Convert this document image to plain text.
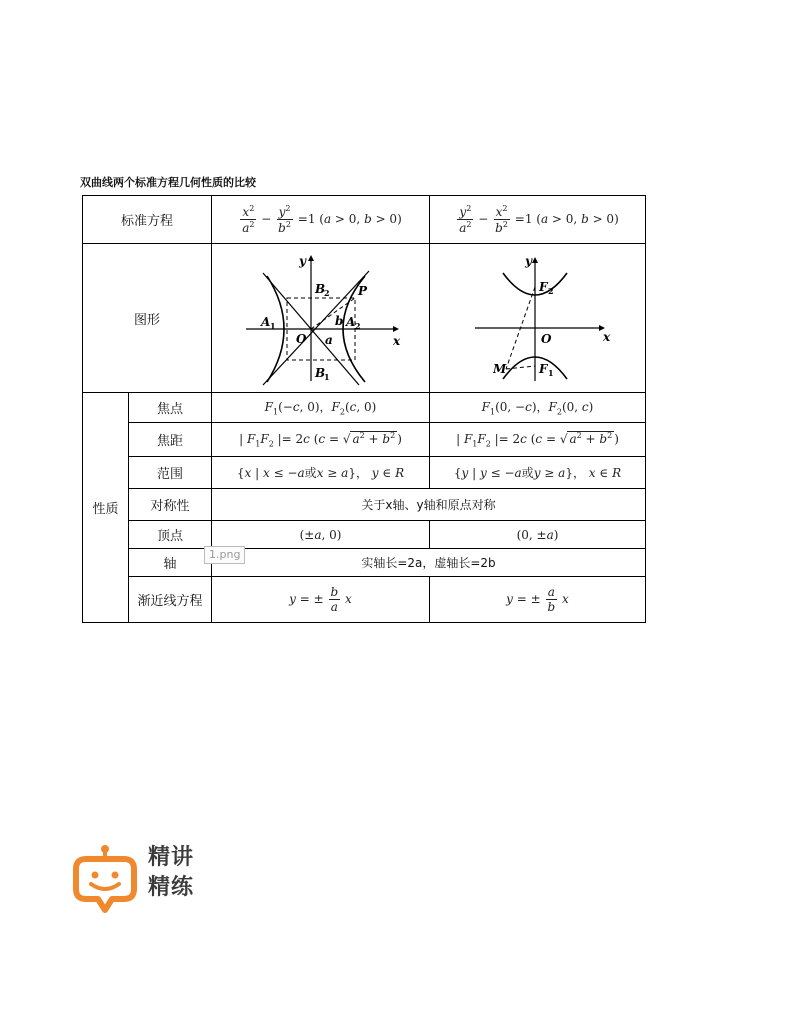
双曲线两个标准方程几何性质的比较
标准方程	$\frac{x^2}{a^2} - \frac{y^2}{b^2} =1$ (a > 0, b > 0)	$\frac{y^2}{a^2} - \frac{x^2}{b^2} =1$ (a > 0, b > 0)
图形
y
x
B
2 P
A 1
O
b
a
A 2
B
1
y
x
F 2
O
M	F 1
性质
焦点	$F_1(-c$, 0)，$F_2(c$, 0)	$F_1(0$, −c)，$F_2(0$, c)
焦距	| $F_1F_2$ |= 2c (c = √ $a^2 + b^2$ )	| $F_1F_2$ |= 2c (c = √ $a^2 + b^2$ )
范围	{x | x ≤ −a或x ≥ a}， y ∈ R	{y | y ≤ −a或y ≥ a}， x ∈ R
对称性	关于x轴、y轴和原点对称
顶点	(±a, 0)	(0, ±a)
轴	实轴长=2a，虚轴长=2b
渐近线方程	y = ± $\frac{b}{a}$ x	y = ± $\frac{a}{b}$ x
1.png
精讲
精练
